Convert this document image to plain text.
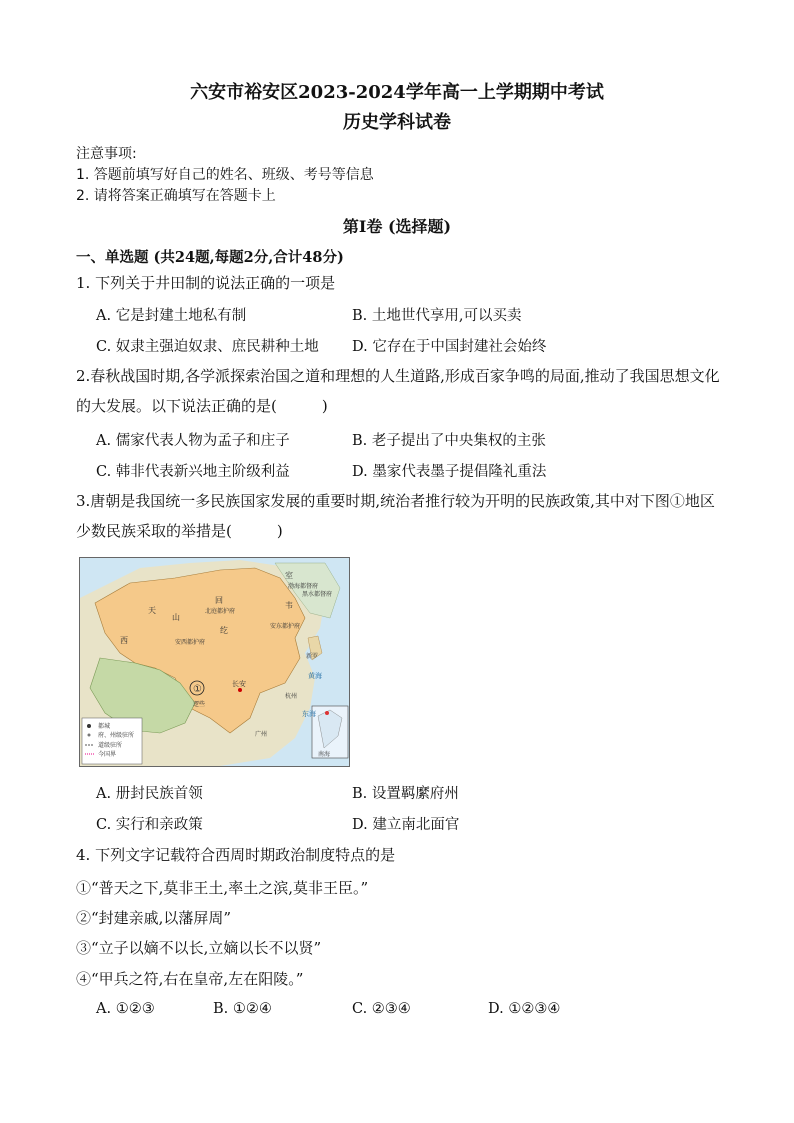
六安市裕安区2023-2024学年高一上学期期中考试
历史学科试卷
注意事项:
1. 答题前填写好自己的姓名、班级、考号等信息
2. 请将答案正确填写在答题卡上
第Ⅰ卷 (选择题)
一、单选题 (共24题,每题2分,合计48分)
1. 下列关于井田制的说法正确的一项是
A. 它是封建土地私有制	B. 土地世代享用,可以买卖
C. 奴隶主强迫奴隶、庶民耕种土地 D. 它存在于中国封建社会始终
2.春秋战国时期,各学派探索治国之道和理想的人生道路,形成百家争鸣的局面,推动了我国思想文化的大发展。以下说法正确的是(　　　)
A. 儒家代表人物为孟子和庄子	B. 老子提出了中央集权的主张
C. 韩非代表新兴地主阶级利益	D. 墨家代表墨子提倡隆礼重法
3.唐朝是我国统一多民族国家发展的重要时期,统治者推行较为开明的民族政策,其中对下图①地区少数民族采取的举措是(　　　)
都城
府、州级驻所
道级驻所
今国界
室
韦
回
纥
天
山
西	安西都护府
北庭都护府
安东都护府
黑水都督府
渤海都督府
新罗
长安
①
逻些
广州
杭州
南海
黄海
东海
A. 册封民族首领	B. 设置羁縻府州
C. 实行和亲政策	D. 建立南北面官
4. 下列文字记载符合西周时期政治制度特点的是
①“普天之下,莫非王土,率土之滨,莫非王臣。”
②“封建亲戚,以藩屏周”
③“立子以嫡不以长,立嫡以长不以贤”
④“甲兵之符,右在皇帝,左在阳陵。”
A. ①②③	B. ①②④	C. ②③④	D. ①②③④
